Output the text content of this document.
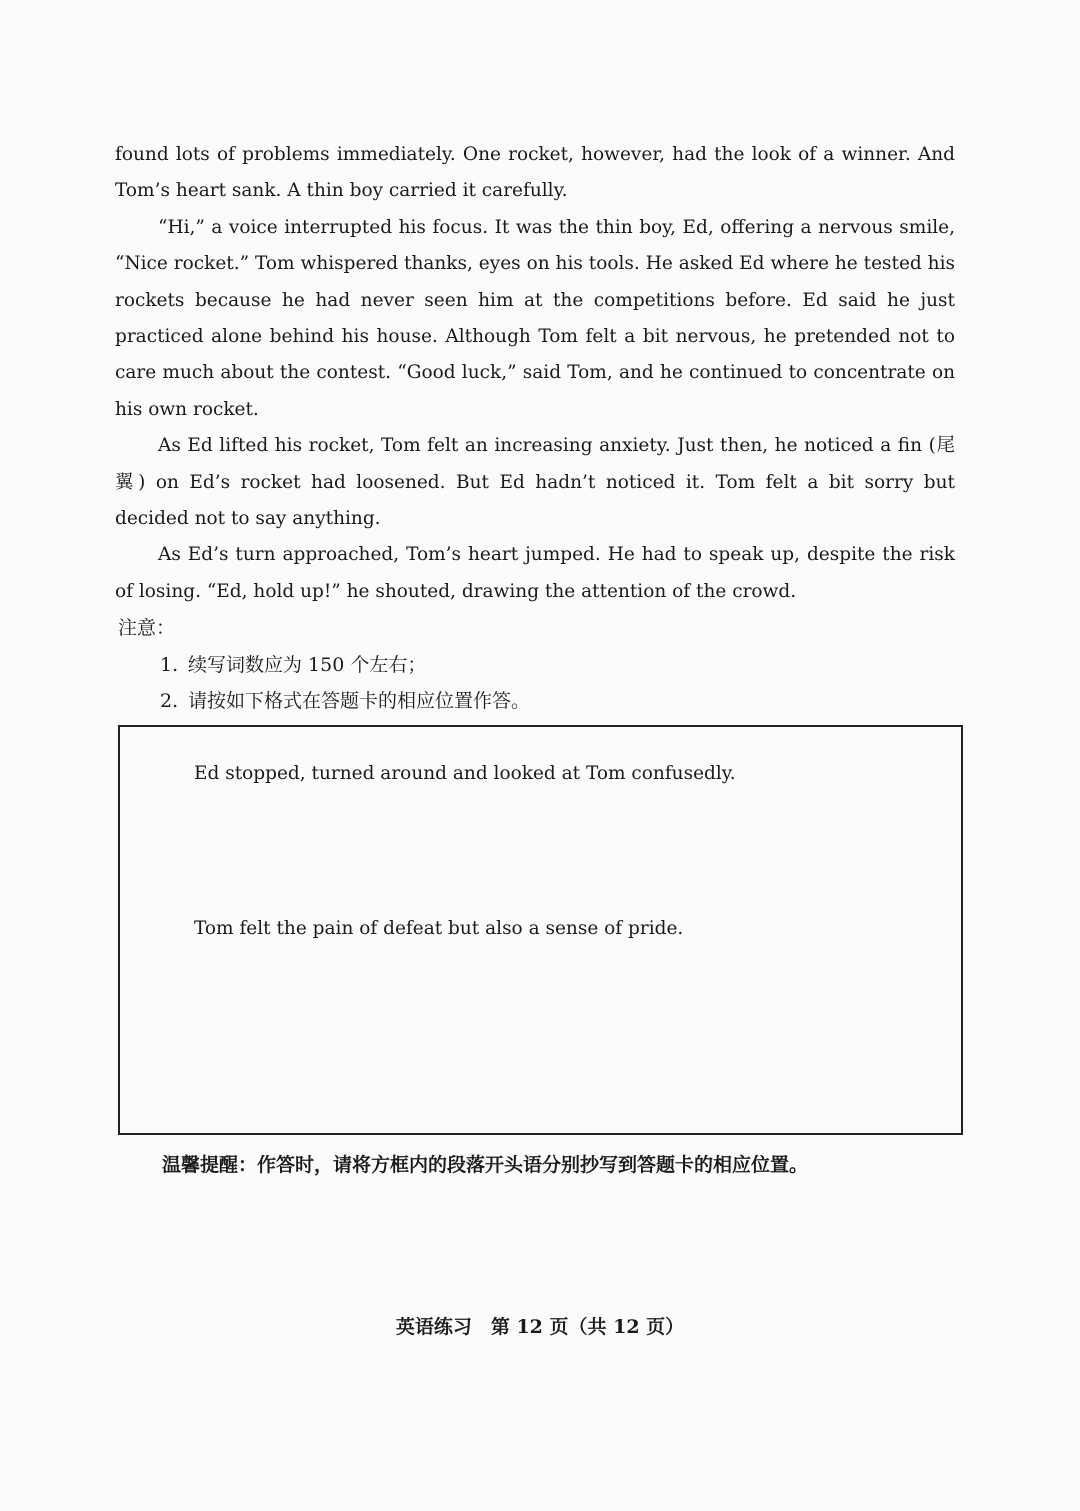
found lots of problems immediately. One rocket, however, had the look of a winner. And Tom’s heart sank. A thin boy carried it carefully.

“Hi,” a voice interrupted his focus. It was the thin boy, Ed, offering a nervous smile, “Nice rocket.” Tom whispered thanks, eyes on his tools. He asked Ed where he tested his rockets because he had never seen him at the competitions before. Ed said he just practiced alone behind his house. Although Tom felt a bit nervous, he pretended not to care much about the contest. “Good luck,” said Tom, and he continued to concentrate on his own rocket.

As Ed lifted his rocket, Tom felt an increasing anxiety. Just then, he noticed a fin (尾翼) on Ed’s rocket had loosened. But Ed hadn’t noticed it. Tom felt a bit sorry but decided not to say anything.

As Ed’s turn approached, Tom’s heart jumped. He had to speak up, despite the risk of losing. “Ed, hold up!” he shouted, drawing the attention of the crowd.

注意：

1. 续写词数应为 150 个左右；
2. 请按如下格式在答题卡的相应位置作答。

Ed stopped, turned around and looked at Tom confusedly.

Tom felt the pain of defeat but also a sense of pride.

温馨提醒：作答时，请将方框内的段落开头语分别抄写到答题卡的相应位置。

英语练习　第 12 页（共 12 页）
